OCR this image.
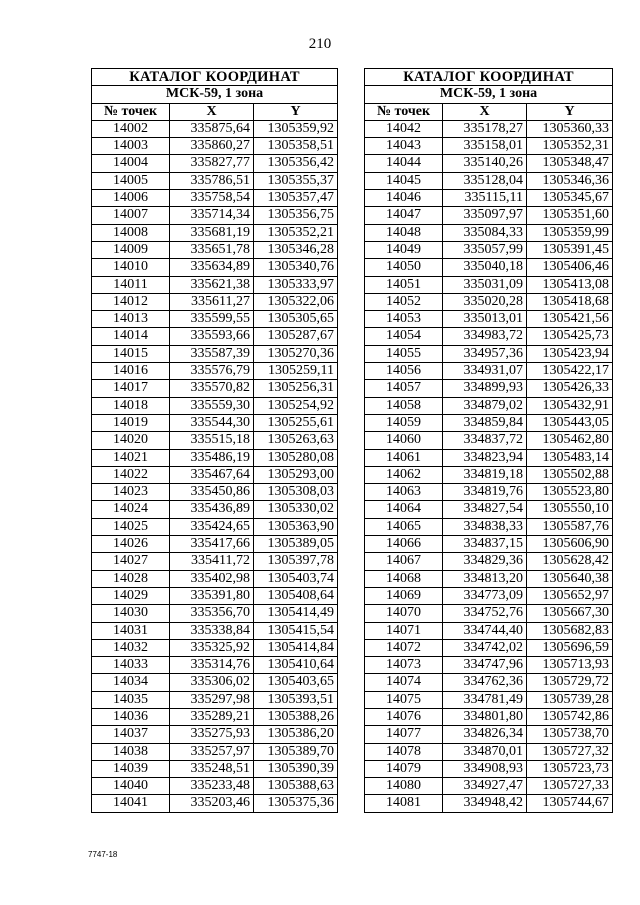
210
КАТАЛОГ КООРДИНАТ		
МСК-59, 1 зона		
№ точек	X	Y
14002	335875,64	1305359,92
14003	335860,27	1305358,51
14004	335827,77	1305356,42
14005	335786,51	1305355,37
14006	335758,54	1305357,47
14007	335714,34	1305356,75
14008	335681,19	1305352,21
14009	335651,78	1305346,28
14010	335634,89	1305340,76
14011	335621,38	1305333,97
14012	335611,27	1305322,06
14013	335599,55	1305305,65
14014	335593,66	1305287,67
14015	335587,39	1305270,36
14016	335576,79	1305259,11
14017	335570,82	1305256,31
14018	335559,30	1305254,92
14019	335544,30	1305255,61
14020	335515,18	1305263,63
14021	335486,19	1305280,08
14022	335467,64	1305293,00
14023	335450,86	1305308,03
14024	335436,89	1305330,02
14025	335424,65	1305363,90
14026	335417,66	1305389,05
14027	335411,72	1305397,78
14028	335402,98	1305403,74
14029	335391,80	1305408,64
14030	335356,70	1305414,49
14031	335338,84	1305415,54
14032	335325,92	1305414,84
14033	335314,76	1305410,64
14034	335306,02	1305403,65
14035	335297,98	1305393,51
14036	335289,21	1305388,26
14037	335275,93	1305386,20
14038	335257,97	1305389,70
14039	335248,51	1305390,39
14040	335233,48	1305388,63
14041	335203,46	1305375,36
КАТАЛОГ КООРДИНАТ		
МСК-59, 1 зона		
№ точек	X	Y
14042	335178,27	1305360,33
14043	335158,01	1305352,31
14044	335140,26	1305348,47
14045	335128,04	1305346,36
14046	335115,11	1305345,67
14047	335097,97	1305351,60
14048	335084,33	1305359,99
14049	335057,99	1305391,45
14050	335040,18	1305406,46
14051	335031,09	1305413,08
14052	335020,28	1305418,68
14053	335013,01	1305421,56
14054	334983,72	1305425,73
14055	334957,36	1305423,94
14056	334931,07	1305422,17
14057	334899,93	1305426,33
14058	334879,02	1305432,91
14059	334859,84	1305443,05
14060	334837,72	1305462,80
14061	334823,94	1305483,14
14062	334819,18	1305502,88
14063	334819,76	1305523,80
14064	334827,54	1305550,10
14065	334838,33	1305587,76
14066	334837,15	1305606,90
14067	334829,36	1305628,42
14068	334813,20	1305640,38
14069	334773,09	1305652,97
14070	334752,76	1305667,30
14071	334744,40	1305682,83
14072	334742,02	1305696,59
14073	334747,96	1305713,93
14074	334762,36	1305729,72
14075	334781,49	1305739,28
14076	334801,80	1305742,86
14077	334826,34	1305738,70
14078	334870,01	1305727,32
14079	334908,93	1305723,73
14080	334927,47	1305727,33
14081	334948,42	1305744,67
7747-18
